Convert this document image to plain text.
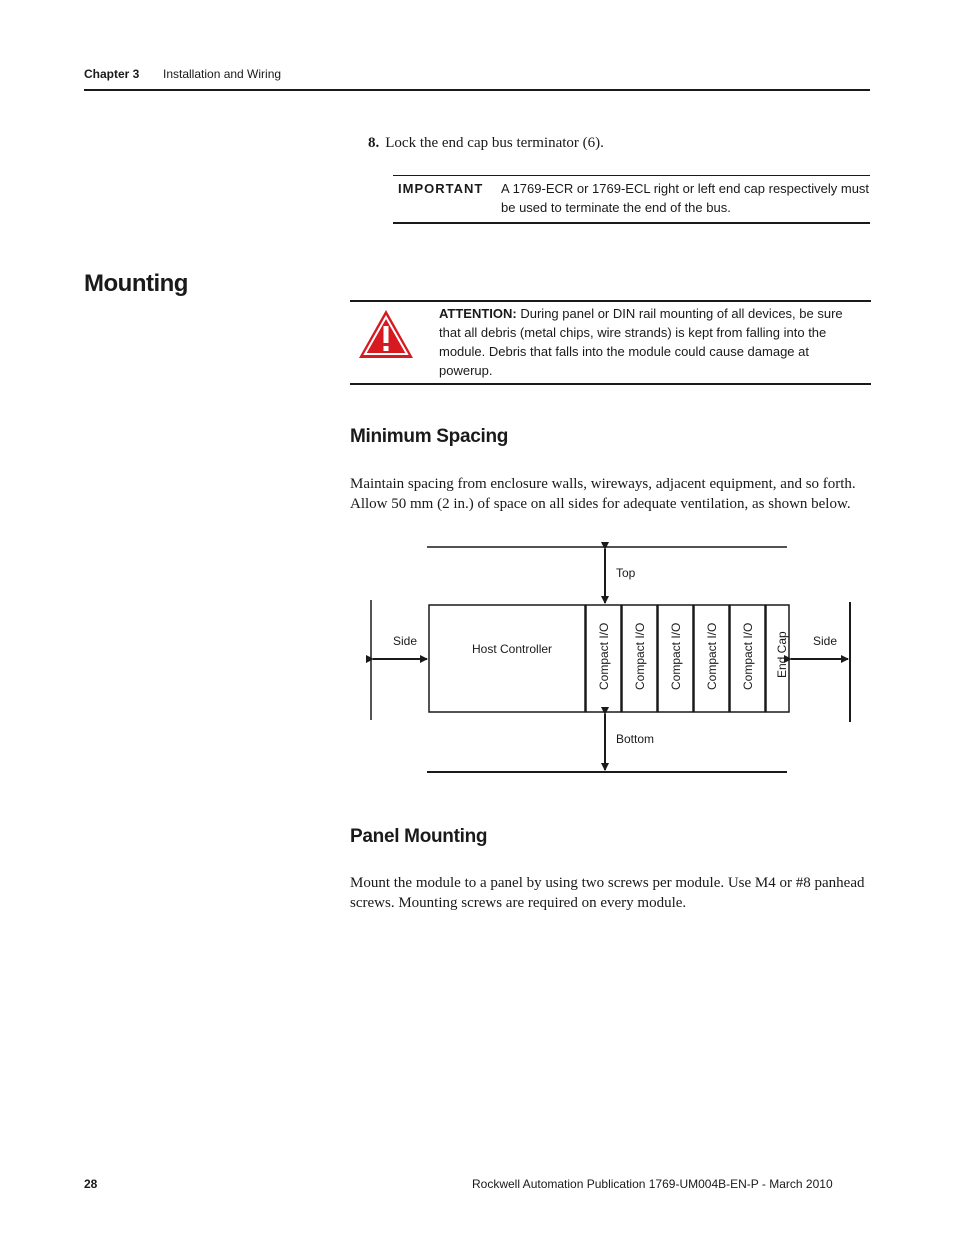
Chapter 3 Installation and Wiring
8. Lock the end cap bus terminator (6).
IMPORTANT A 1769-ECR or 1769-ECL right or left end cap respectively must be used to terminate the end of the bus.
Mounting
ATTENTION: During panel or DIN rail mounting of all devices, be sure that all debris (metal chips, wire strands) is kept from falling into the module. Debris that falls into the module could cause damage at powerup.
Minimum Spacing
Maintain spacing from enclosure walls, wireways, adjacent equipment, and so forth. Allow 50 mm (2 in.) of space on all sides for adequate ventilation, as shown below.
Top
Bottom
Side	Side
Host Controller	Compact I/O Compact I/O Compact I/O Compact I/O Compact I/O End Cap
Panel Mounting
Mount the module to a panel by using two screws per module. Use M4 or #8 panhead screws. Mounting screws are required on every module.
28	Rockwell Automation Publication 1769-UM004B-EN-P - March 2010
